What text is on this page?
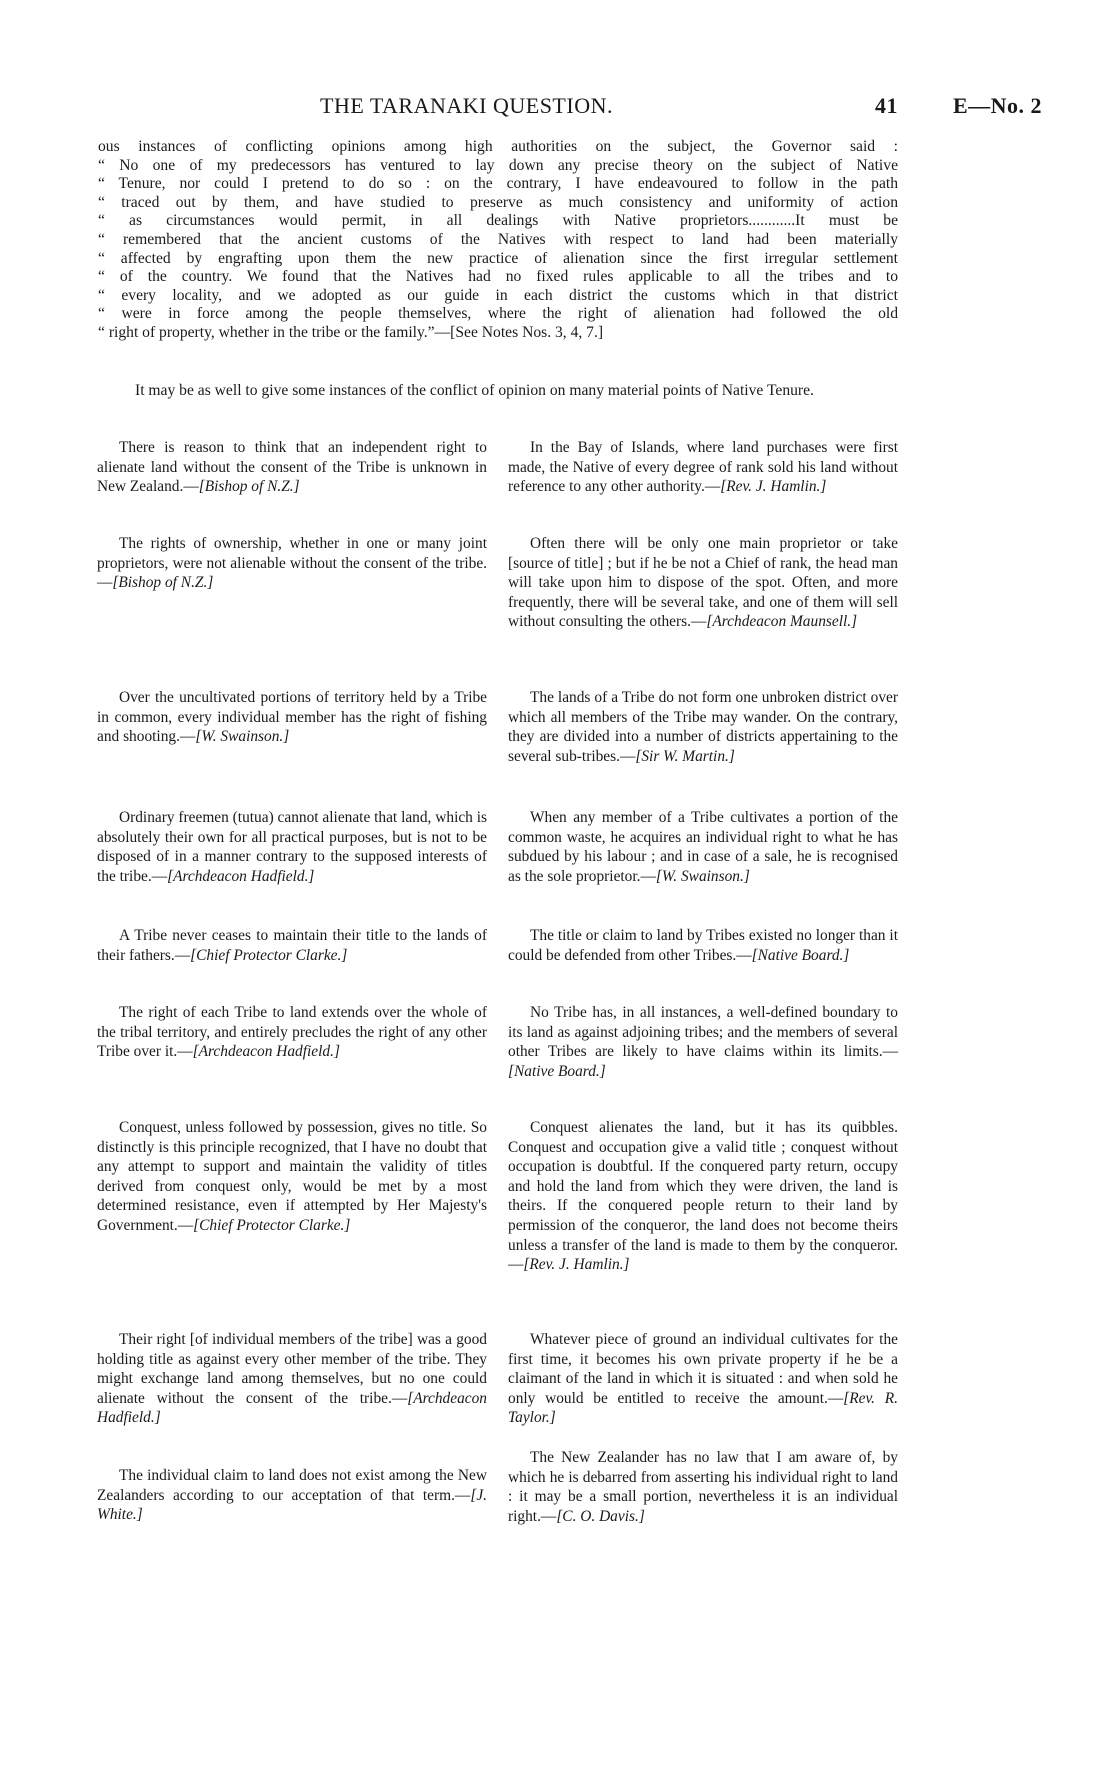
THE TARANAKI QUESTION.	41	E—No. 2
ous instances of conflicting opinions among high authorities on the subject, the Governor said :
“ No one of my predecessors has ventured to lay down any precise theory on the subject of Native
“ Tenure, nor could I pretend to do so : on the contrary, I have endeavoured to follow in the path
“ traced out by them, and have studied to preserve as much consistency and uniformity of action
“ as circumstances would permit, in all dealings with Native proprietors............It must be
“ remembered that the ancient customs of the Natives with respect to land had been materially
“ affected by engrafting upon them the new practice of alienation since the first irregular settlement
“ of the country. We found that the Natives had no fixed rules applicable to all the tribes and to
“ every locality, and we adopted as our guide in each district the customs which in that district
“ were in force among the people themselves, where the right of alienation had followed the old
“ right of property, whether in the tribe or the family.”—[See Notes Nos. 3, 4, 7.]
It may be as well to give some instances of the conflict of opinion on many material points of Native Tenure.

There is reason to think that an independent right to alienate land without the consent of the Tribe is unknown in New Zealand.—[Bishop of N.Z.]

The rights of ownership, whether in one or many joint proprietors, were not alienable without the consent of the tribe.—[Bishop of N.Z.]

Over the uncultivated portions of territory held by a Tribe in common, every individual member has the right of fishing and shooting.—[W. Swainson.]

Ordinary freemen (tutua) cannot alienate that land, which is absolutely their own for all practical purposes, but is not to be disposed of in a manner contrary to the supposed interests of the tribe.—[Archdeacon Hadfield.]

A Tribe never ceases to maintain their title to the lands of their fathers.—[Chief Protector Clarke.]

The right of each Tribe to land extends over the whole of the tribal territory, and entirely precludes the right of any other Tribe over it.—[Archdeacon Hadfield.]

Conquest, unless followed by possession, gives no title. So distinctly is this principle recognized, that I have no doubt that any attempt to support and maintain the validity of titles derived from conquest only, would be met by a most determined resistance, even if attempted by Her Majesty's Government.—[Chief Protector Clarke.]

Their right [of individual members of the tribe] was a good holding title as against every other member of the tribe. They might exchange land among themselves, but no one could alienate without the consent of the tribe.—[Archdeacon Hadfield.]

The individual claim to land does not exist among the New Zealanders according to our acceptation of that term.—[J. White.]

In the Bay of Islands, where land purchases were first made, the Native of every degree of rank sold his land without reference to any other authority.—[Rev. J. Hamlin.]

Often there will be only one main proprietor or take [source of title] ; but if he be not a Chief of rank, the head man will take upon him to dispose of the spot. Often, and more frequently, there will be several take, and one of them will sell without consulting the others.—[Archdeacon Maunsell.]

The lands of a Tribe do not form one unbroken district over which all members of the Tribe may wander. On the contrary, they are divided into a number of districts appertaining to the several sub-tribes.—[Sir W. Martin.]

When any member of a Tribe cultivates a portion of the common waste, he acquires an individual right to what he has subdued by his labour ; and in case of a sale, he is recognised as the sole proprietor.—[W. Swainson.]

The title or claim to land by Tribes existed no longer than it could be defended from other Tribes.—[Native Board.]

No Tribe has, in all instances, a well-defined boundary to its land as against adjoining tribes; and the members of several other Tribes are likely to have claims within its limits.—[Native Board.]

Conquest alienates the land, but it has its quibbles. Conquest and occupation give a valid title ; conquest without occupation is doubtful. If the conquered party return, occupy and hold the land from which they were driven, the land is theirs. If the conquered people return to their land by permission of the conqueror, the land does not become theirs unless a transfer of the land is made to them by the conqueror.—[Rev. J. Hamlin.]

Whatever piece of ground an individual cultivates for the first time, it becomes his own private property if he be a claimant of the land in which it is situated : and when sold he only would be entitled to receive the amount.—[Rev. R. Taylor.]

The New Zealander has no law that I am aware of, by which he is debarred from asserting his individual right to land : it may be a small portion, nevertheless it is an individual right.—[C. O. Davis.]
